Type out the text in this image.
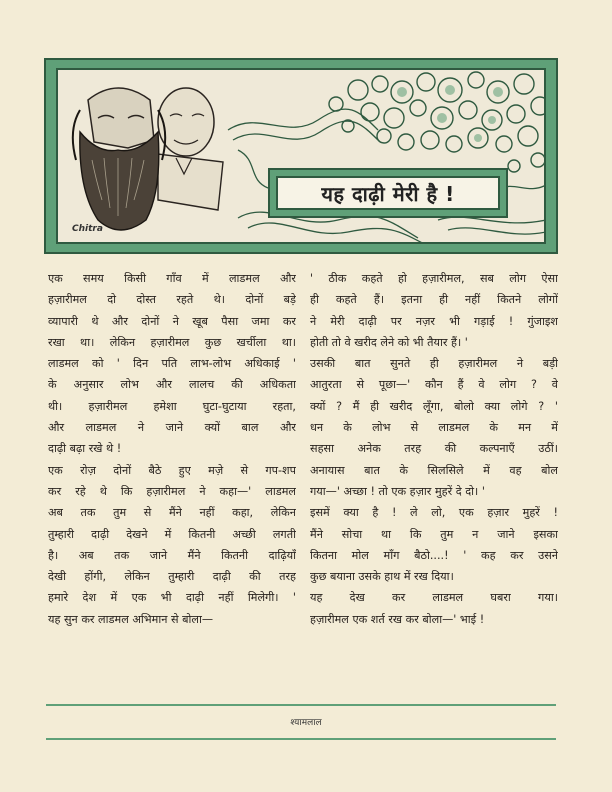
यह दाढ़ी मेरी है !
Chitra
एक समय किसी गाँव में लाडमल और
हज़ारीमल दो दोस्त रहते थे। दोनों बड़े
व्यापारी थे और दोनों ने खूब पैसा जमा कर
रखा था। लेकिन हज़ारीमल कुछ खर्चीला था।
लाडमल को ' दिन पति लाभ-लोभ अधिकाई '
के अनुसार लोभ और लालच की अधिकता
थी। हज़ारीमल हमेशा घुटा-घुटाया रहता,
और लाडमल ने जाने क्यों बाल और
दाढ़ी बढ़ा रखे थे !
एक रोज़ दोनों बैठे हुए मज़े से गप-शप
कर रहे थे कि हज़ारीमल ने कहा—' लाडमल
अब तक तुम से मैंने नहीं कहा, लेकिन
तुम्हारी दाढ़ी देखने में कितनी अच्छी लगती
है। अब तक जाने मैंने कितनी दाढ़ियाँ
देखी होंगी, लेकिन तुम्हारी दाढ़ी की तरह
हमारे देश में एक भी दाढ़ी नहीं मिलेगी। '
यह सुन कर लाडमल अभिमान से बोला—
' ठीक कहते हो हज़ारीमल, सब लोग ऐसा
ही कहते हैं। इतना ही नहीं कितने लोगों
ने मेरी दाढ़ी पर नज़र भी गड़ाई ! गुंजाइश
होती तो वे खरीद लेने को भी तैयार हैं। '
उसकी बात सुनते ही हज़ारीमल ने बड़ी
आतुरता से पूछा—' कौन हैं वे लोग ? वे
क्यों ? मैं ही खरीद लूँगा, बोलो क्या लोगे ? '
धन के लोभ से लाडमल के मन में
सहसा अनेक तरह की कल्पनाएँ उठीं।
अनायास बात के सिलसिले में वह बोल
गया—' अच्छा ! तो एक हज़ार मुहरें दे दो। '
इसमें क्या है ! ले लो, एक हज़ार मुहरें !
मैंने सोचा था कि तुम न जाने इसका
कितना मोल माँग बैठो....! ' कह कर उसने
कुछ बयाना उसके हाथ में रख दिया।
यह देख कर लाडमल घबरा गया।
हज़ारीमल एक शर्त रख कर बोला—' भाई !
श्यामलाल
